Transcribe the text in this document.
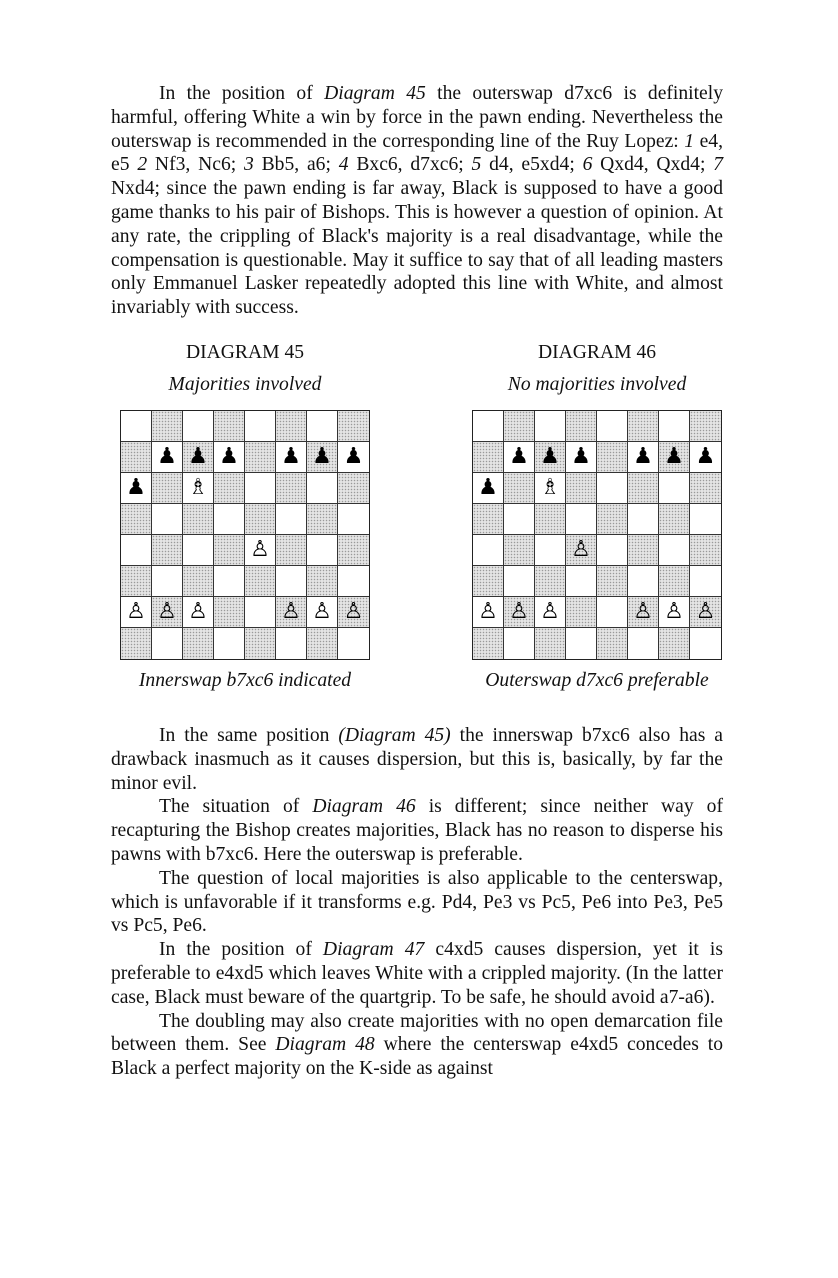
In the position of Diagram 45 the outerswap d7xc6 is definitely harmful, offering White a win by force in the pawn ending. Nevertheless the outerswap is recommended in the corresponding line of the Ruy Lopez: 1 e4, e5 2 Nf3, Nc6; 3 Bb5, a6; 4 Bxc6, d7xc6; 5 d4, e5xd4; 6 Qxd4, Qxd4; 7 Nxd4; since the pawn ending is far away, Black is supposed to have a good game thanks to his pair of Bishops. This is however a question of opinion. At any rate, the crippling of Black's majority is a real disadvantage, while the compensation is questionable. May it suffice to say that of all leading masters only Emmanuel Lasker repeatedly adopted this line with White, and almost invariably with success.

DIAGRAM 45
Majorities involved
♟ ♟ ♟ ♟ ♟ ♟
♟ ♗
♙
♙ ♙ ♙	♙ ♙ ♙
Innerswap b7xc6 indicated
DIAGRAM 46
No majorities involved
♟ ♟ ♟ ♟ ♟ ♟
♟ ♗
♙
♙ ♙ ♙	♙ ♙ ♙
Outerswap d7xc6 preferable

In the same position (Diagram 45) the innerswap b7xc6 also has a drawback inasmuch as it causes dispersion, but this is, basically, by far the minor evil.

The situation of Diagram 46 is different; since neither way of recapturing the Bishop creates majorities, Black has no reason to disperse his pawns with b7xc6. Here the outerswap is preferable.

The question of local majorities is also applicable to the centerswap, which is unfavorable if it transforms e.g. Pd4, Pe3 vs Pc5, Pe6 into Pe3, Pe5 vs Pc5, Pe6.

In the position of Diagram 47 c4xd5 causes dispersion, yet it is preferable to e4xd5 which leaves White with a crippled majority. (In the latter case, Black must beware of the quartgrip. To be safe, he should avoid a7-a6).

The doubling may also create majorities with no open demarcation file between them. See Diagram 48 where the centerswap e4xd5 concedes to Black a perfect majority on the K-side as against
